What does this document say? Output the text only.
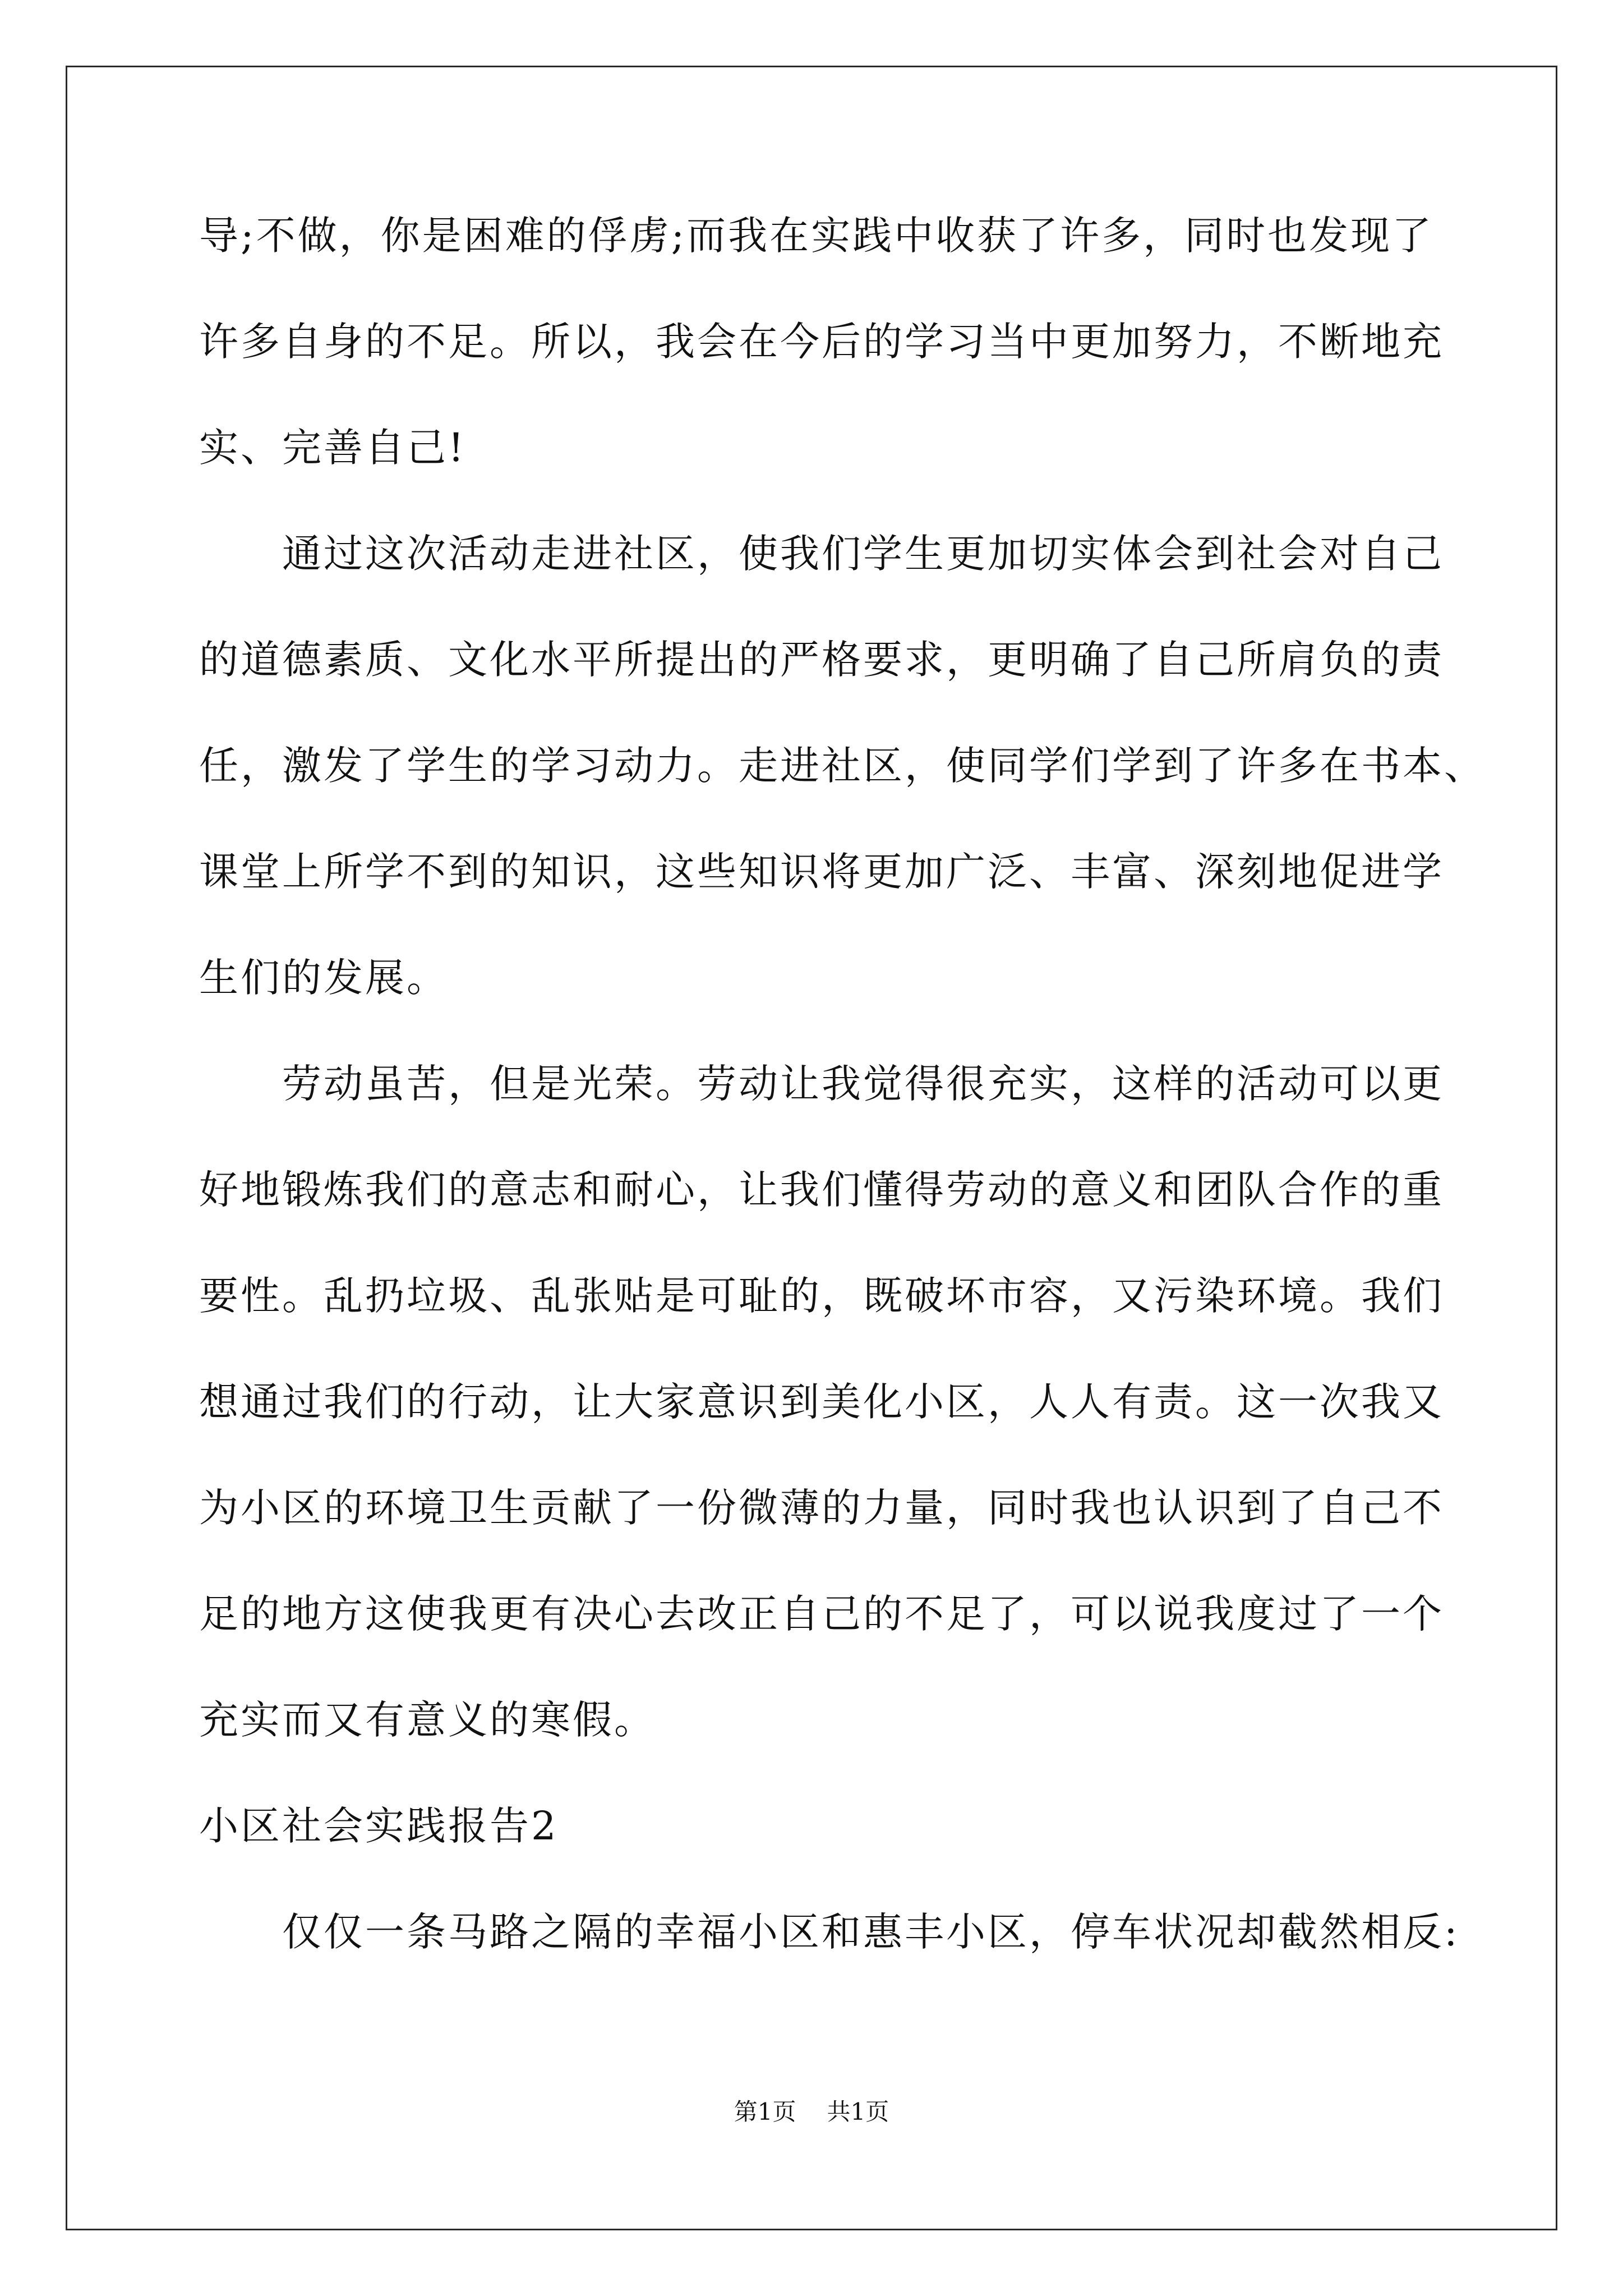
导;不做，你是困难的俘虏;而我在实践中收获了许多，同时也发现了
许多自身的不足。所以，我会在今后的学习当中更加努力，不断地充
实、完善自己!
通过这次活动走进社区，使我们学生更加切实体会到社会对自己
的道德素质、文化水平所提出的严格要求，更明确了自己所肩负的责
任，激发了学生的学习动力。走进社区，使同学们学到了许多在书本、
课堂上所学不到的知识，这些知识将更加广泛、丰富、深刻地促进学
生们的发展。
劳动虽苦，但是光荣。劳动让我觉得很充实，这样的活动可以更
好地锻炼我们的意志和耐心，让我们懂得劳动的意义和团队合作的重
要性。乱扔垃圾、乱张贴是可耻的，既破坏市容，又污染环境。我们
想通过我们的行动，让大家意识到美化小区，人人有责。这一次我又
为小区的环境卫生贡献了一份微薄的力量，同时我也认识到了自己不
足的地方这使我更有决心去改正自己的不足了，可以说我度过了一个
充实而又有意义的寒假。
小区社会实践报告2
仅仅一条马路之隔的幸福小区和惠丰小区，停车状况却截然相反:
第1页 共1页
